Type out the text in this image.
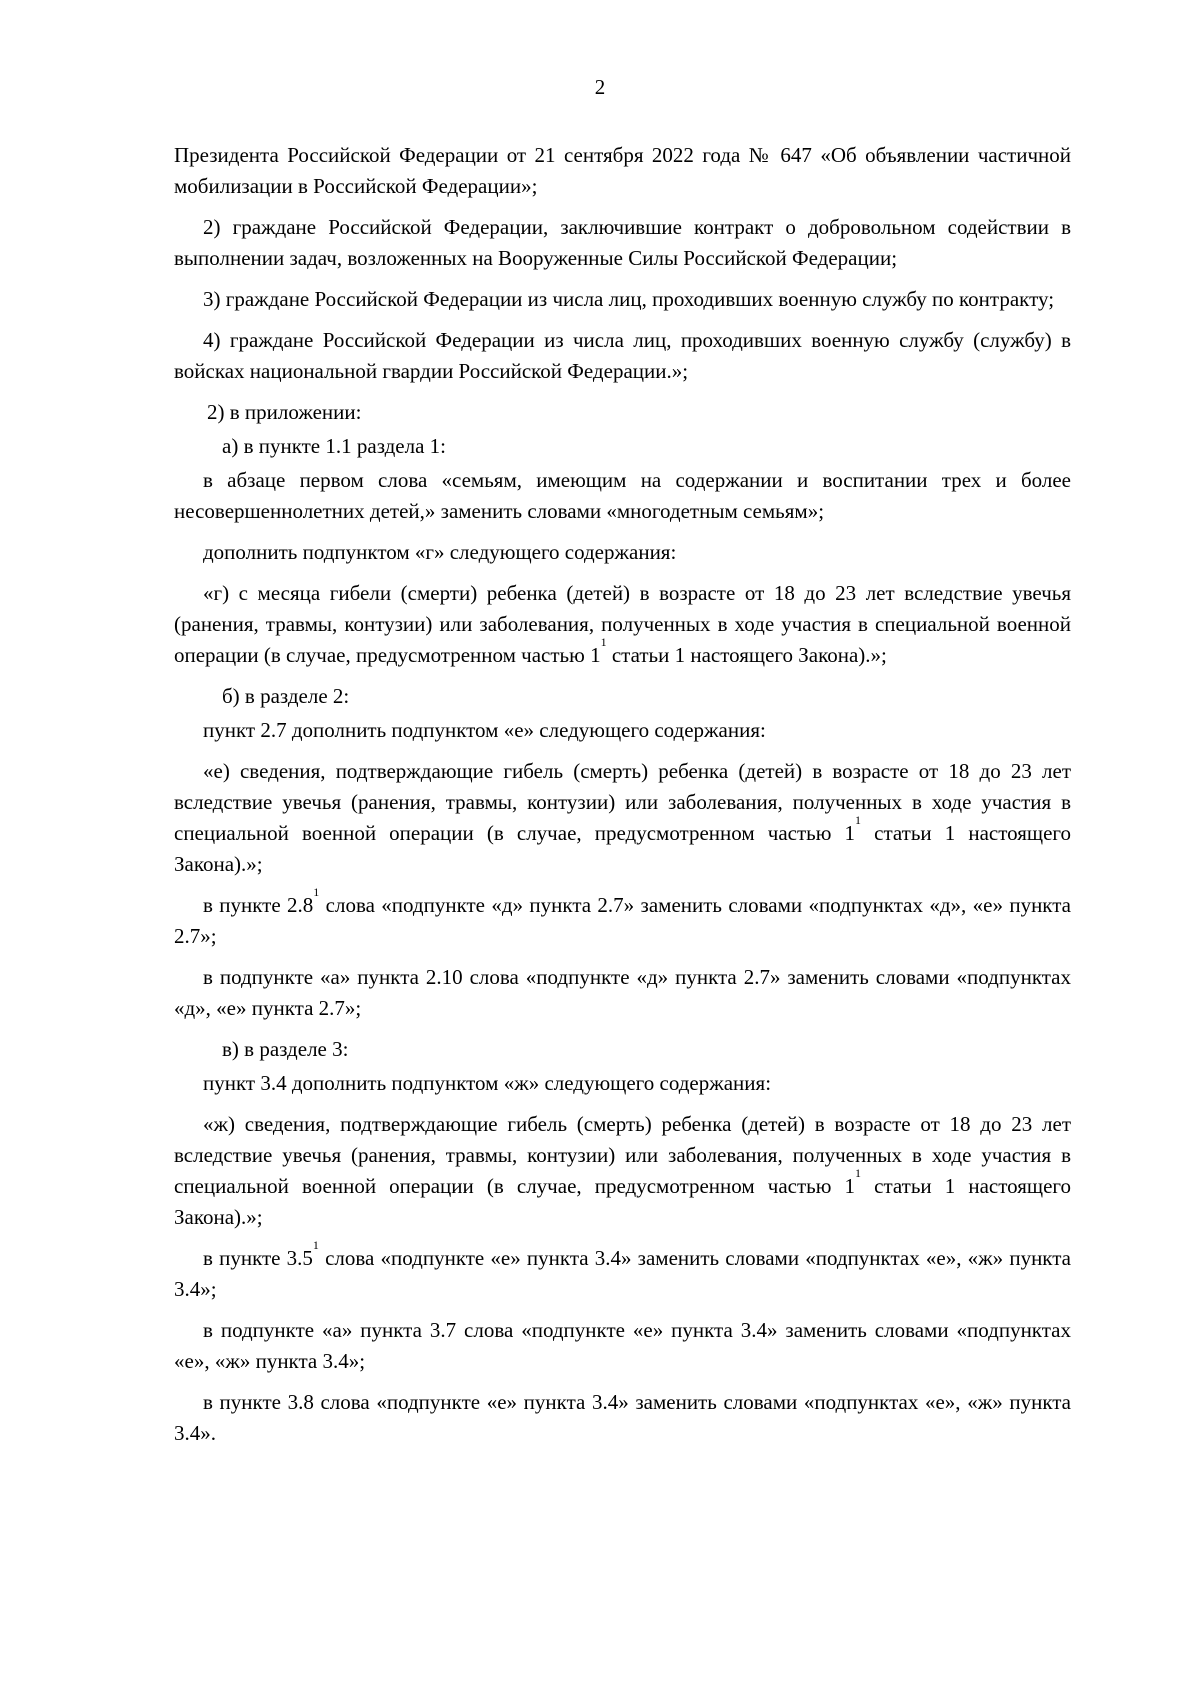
2

Президента Российской Федерации от 21 сентября 2022 года № 647 «Об объявлении частичной мобилизации в Российской Федерации»;

2) граждане Российской Федерации, заключившие контракт о добровольном содействии в выполнении задач, возложенных на Вооруженные Силы Российской Федерации;

3) граждане Российской Федерации из числа лиц, проходивших военную службу по контракту;

4) граждане Российской Федерации из числа лиц, проходивших военную службу (службу) в войсках национальной гвардии Российской Федерации.»;

2) в приложении:

а) в пункте 1.1 раздела 1:

в абзаце первом слова «семьям, имеющим на содержании и воспитании трех и более несовершеннолетних детей,» заменить словами «многодетным семьям»;

дополнить подпунктом «г» следующего содержания:

«г) с месяца гибели (смерти) ребенка (детей) в возрасте от 18 до 23 лет вследствие увечья (ранения, травмы, контузии) или заболевания, полученных в ходе участия в специальной военной операции (в случае, предусмотренном частью $1^1$ статьи 1 настоящего Закона).»;

б) в разделе 2:

пункт 2.7 дополнить подпунктом «е» следующего содержания:

«е) сведения, подтверждающие гибель (смерть) ребенка (детей) в возрасте от 18 до 23 лет вследствие увечья (ранения, травмы, контузии) или заболевания, полученных в ходе участия в специальной военной операции (в случае, предусмотренном частью $1^1$ статьи 1 настоящего Закона).»;

в пункте $2.8^1$ слова «подпункте «д» пункта 2.7» заменить словами «подпунктах «д», «е» пункта 2.7»;

в подпункте «а» пункта 2.10 слова «подпункте «д» пункта 2.7» заменить словами «подпунктах «д», «е» пункта 2.7»;

в) в разделе 3:

пункт 3.4 дополнить подпунктом «ж» следующего содержания:

«ж) сведения, подтверждающие гибель (смерть) ребенка (детей) в возрасте от 18 до 23 лет вследствие увечья (ранения, травмы, контузии) или заболевания, полученных в ходе участия в специальной военной операции (в случае, предусмотренном частью $1^1$ статьи 1 настоящего Закона).»;

в пункте $3.5^1$ слова «подпункте «е» пункта 3.4» заменить словами «подпунктах «е», «ж» пункта 3.4»;

в подпункте «а» пункта 3.7 слова «подпункте «е» пункта 3.4» заменить словами «подпунктах «е», «ж» пункта 3.4»;

в пункте 3.8 слова «подпункте «е» пункта 3.4» заменить словами «подпунктах «е», «ж» пункта 3.4».
